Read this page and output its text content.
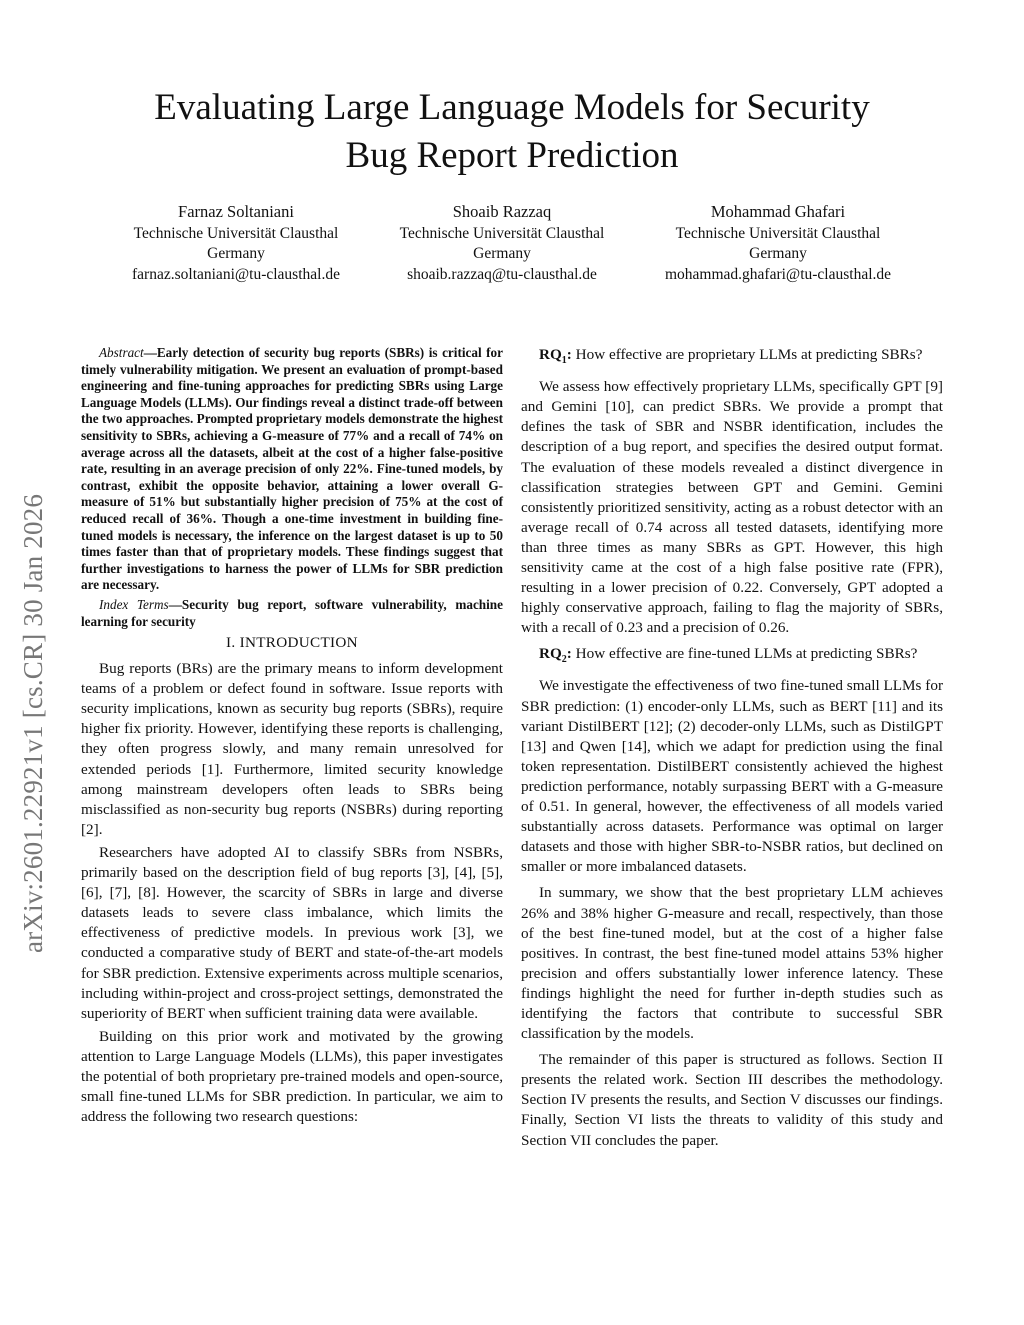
Evaluating Large Language Models for Security
Bug Report Prediction
Farnaz Soltaniani
Technische Universität Clausthal
Germany
farnaz.soltaniani@tu-clausthal.de
Shoaib Razzaq
Technische Universität Clausthal
Germany
shoaib.razzaq@tu-clausthal.de
Mohammad Ghafari
Technische Universität Clausthal
Germany
mohammad.ghafari@tu-clausthal.de
arXiv:2601.22921v1 [cs.CR] 30 Jan 2026

Abstract—Early detection of security bug reports (SBRs) is critical for timely vulnerability mitigation. We present an evaluation of prompt-based engineering and fine-tuning approaches for predicting SBRs using Large Language Models (LLMs). Our findings reveal a distinct trade-off between the two approaches. Prompted proprietary models demonstrate the highest sensitivity to SBRs, achieving a G-measure of 77% and a recall of 74% on average across all the datasets, albeit at the cost of a higher false-positive rate, resulting in an average precision of only 22%. Fine-tuned models, by contrast, exhibit the opposite behavior, attaining a lower overall G-measure of 51% but substantially higher precision of 75% at the cost of reduced recall of 36%. Though a one-time investment in building fine-tuned models is necessary, the inference on the largest dataset is up to 50 times faster than that of proprietary models. These findings suggest that further investigations to harness the power of LLMs for SBR prediction are necessary.

Index Terms—Security bug report, software vulnerability, machine learning for security

I. INTRODUCTION

Bug reports (BRs) are the primary means to inform development teams of a problem or defect found in software. Issue reports with security implications, known as security bug reports (SBRs), require higher fix priority. However, identifying these reports is challenging, they often progress slowly, and many remain unresolved for extended periods [1]. Furthermore, limited security knowledge among mainstream developers often leads to SBRs being misclassified as non-security bug reports (NSBRs) during reporting [2].

Researchers have adopted AI to classify SBRs from NSBRs, primarily based on the description field of bug reports [3], [4], [5], [6], [7], [8]. However, the scarcity of SBRs in large and diverse datasets leads to severe class imbalance, which limits the effectiveness of predictive models. In previous work [3], we conducted a comparative study of BERT and state-of-the-art models for SBR prediction. Extensive experiments across multiple scenarios, including within-project and cross-project settings, demonstrated the superiority of BERT when sufficient training data were available.

Building on this prior work and motivated by the growing attention to Large Language Models (LLMs), this paper investigates the potential of both proprietary pre-trained models and open-source, small fine-tuned LLMs for SBR prediction. In particular, we aim to address the following two research questions:

$RQ_1$: How effective are proprietary LLMs at predicting SBRs?

We assess how effectively proprietary LLMs, specifically GPT [9] and Gemini [10], can predict SBRs. We provide a prompt that defines the task of SBR and NSBR identification, includes the description of a bug report, and specifies the desired output format. The evaluation of these models revealed a distinct divergence in classification strategies between GPT and Gemini. Gemini consistently prioritized sensitivity, acting as a robust detector with an average recall of 0.74 across all tested datasets, identifying more than three times as many SBRs as GPT. However, this high sensitivity came at the cost of a high false positive rate (FPR), resulting in a lower precision of 0.22. Conversely, GPT adopted a highly conservative approach, failing to flag the majority of SBRs, with a recall of 0.23 and a precision of 0.26.

$RQ_2$: How effective are fine-tuned LLMs at predicting SBRs?

We investigate the effectiveness of two fine-tuned small LLMs for SBR prediction: (1) encoder-only LLMs, such as BERT [11] and its variant DistilBERT [12]; (2) decoder-only LLMs, such as DistilGPT [13] and Qwen [14], which we adapt for prediction using the final token representation. DistilBERT consistently achieved the highest prediction performance, notably surpassing BERT with a G-measure of 0.51. In general, however, the effectiveness of all models varied substantially across datasets. Performance was optimal on larger datasets and those with higher SBR-to-NSBR ratios, but declined on smaller or more imbalanced datasets.

In summary, we show that the best proprietary LLM achieves 26% and 38% higher G-measure and recall, respectively, than those of the best fine-tuned model, but at the cost of a higher false positives. In contrast, the best fine-tuned model attains 53% higher precision and offers substantially lower inference latency. These findings highlight the need for further in-depth studies such as identifying the factors that contribute to successful SBR classification by the models.

The remainder of this paper is structured as follows. Section II presents the related work. Section III describes the methodology. Section IV presents the results, and Section V discusses our findings. Finally, Section VI lists the threats to validity of this study and Section VII concludes the paper.
